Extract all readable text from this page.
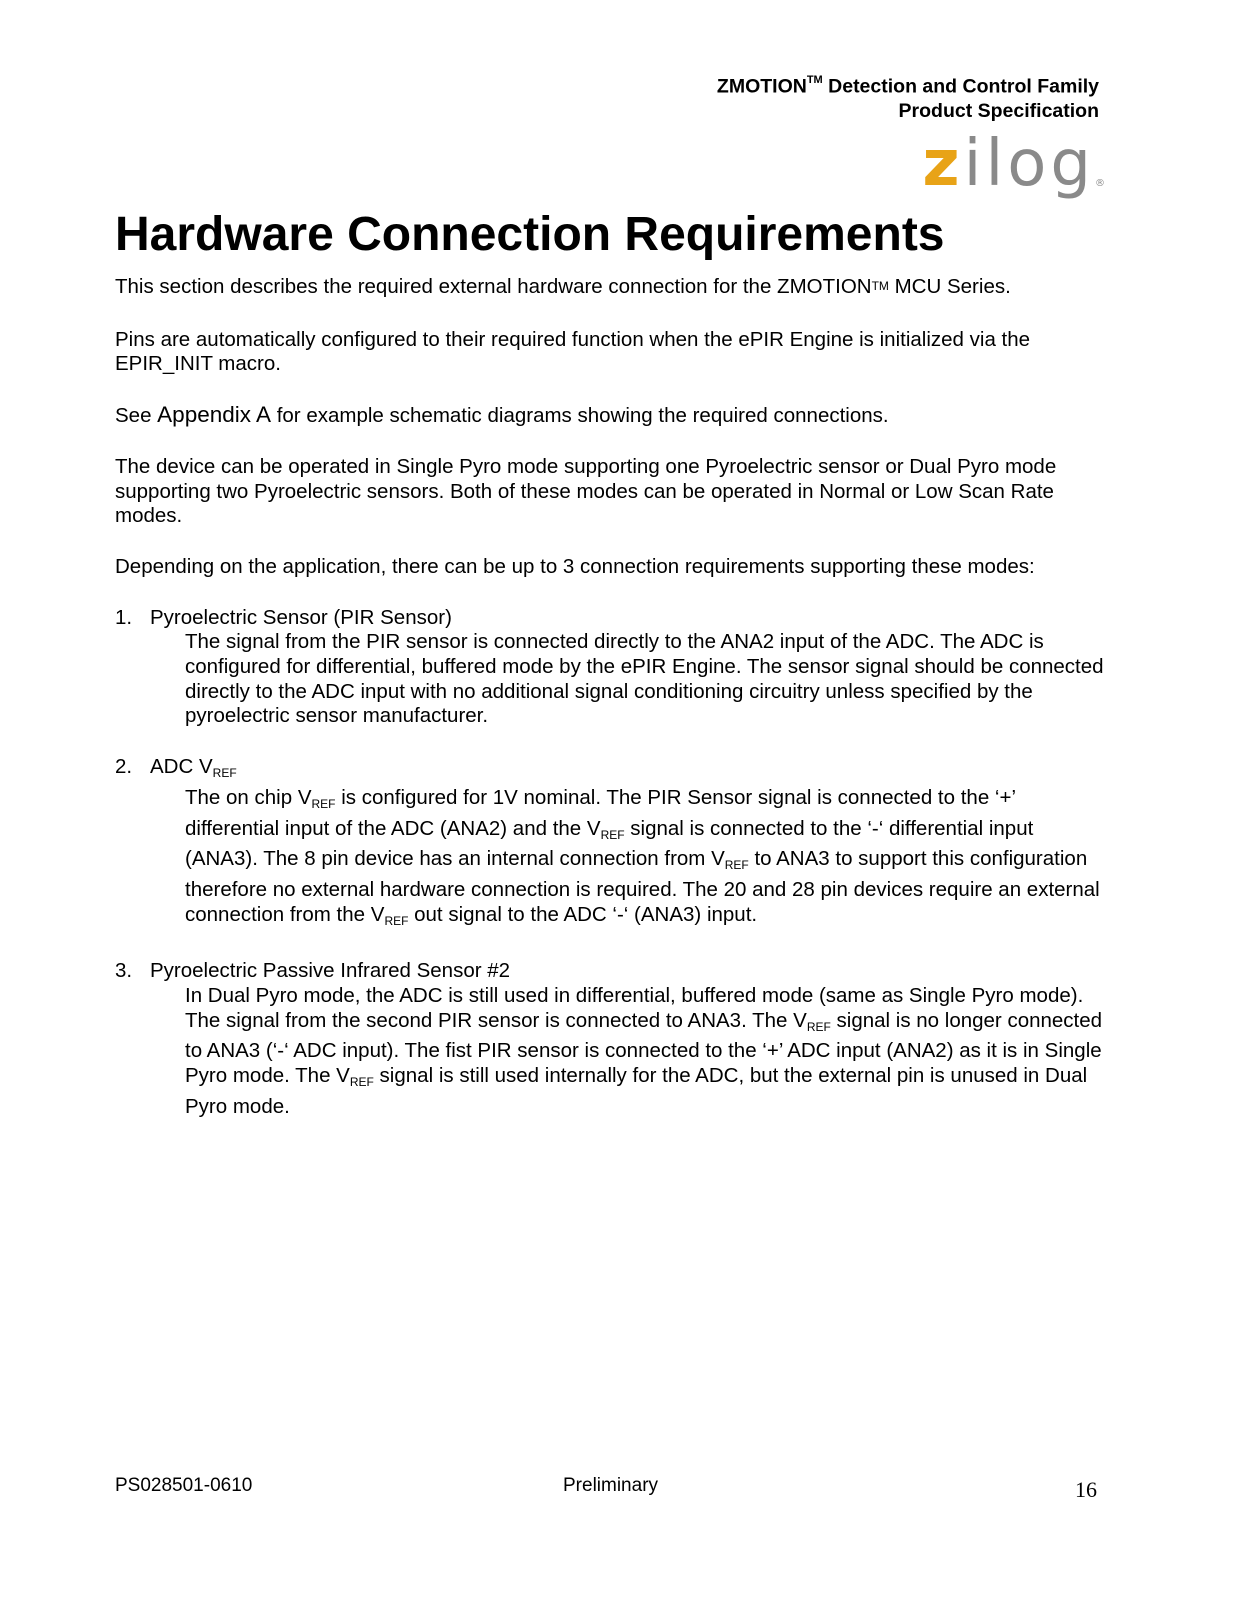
ZMOTION™ Detection and Control Family
Product Specification
zilog®
Hardware Connection Requirements

This section describes the required external hardware connection for the ZMOTION™ MCU Series.

Pins are automatically configured to their required function when the ePIR Engine is initialized via the EPIR_INIT macro.

See Appendix A for example schematic diagrams showing the required connections.

The device can be operated in Single Pyro mode supporting one Pyroelectric sensor or Dual Pyro mode supporting two Pyroelectric sensors. Both of these modes can be operated in Normal or Low Scan Rate modes.

Depending on the application, there can be up to 3 connection requirements supporting these modes:

1. Pyroelectric Sensor (PIR Sensor)
The signal from the PIR sensor is connected directly to the ANA2 input of the ADC. The ADC is configured for differential, buffered mode by the ePIR Engine. The sensor signal should be connected directly to the ADC input with no additional signal conditioning circuitry unless specified by the pyroelectric sensor manufacturer.
2. ADC $V_{REF}$
The on chip $V_{REF}$ is configured for 1V nominal. The PIR Sensor signal is connected to the ‘+’ differential input of the ADC (ANA2) and the $V_{REF}$ signal is connected to the ‘-‘ differential input (ANA3). The 8 pin device has an internal connection from $V_{REF}$ to ANA3 to support this configuration therefore no external hardware connection is required. The 20 and 28 pin devices require an external connection from the $V_{REF}$ out signal to the ADC ‘-‘ (ANA3) input.
3. Pyroelectric Passive Infrared Sensor #2
In Dual Pyro mode, the ADC is still used in differential, buffered mode (same as Single Pyro mode). The signal from the second PIR sensor is connected to ANA3. The $V_{REF}$ signal is no longer connected to ANA3 (‘-‘ ADC input). The fist PIR sensor is connected to the ‘+’ ADC input (ANA2) as it is in Single Pyro mode. The $V_{REF}$ signal is still used internally for the ADC, but the external pin is unused in Dual Pyro mode.
PS028501-0610	Preliminary	16
